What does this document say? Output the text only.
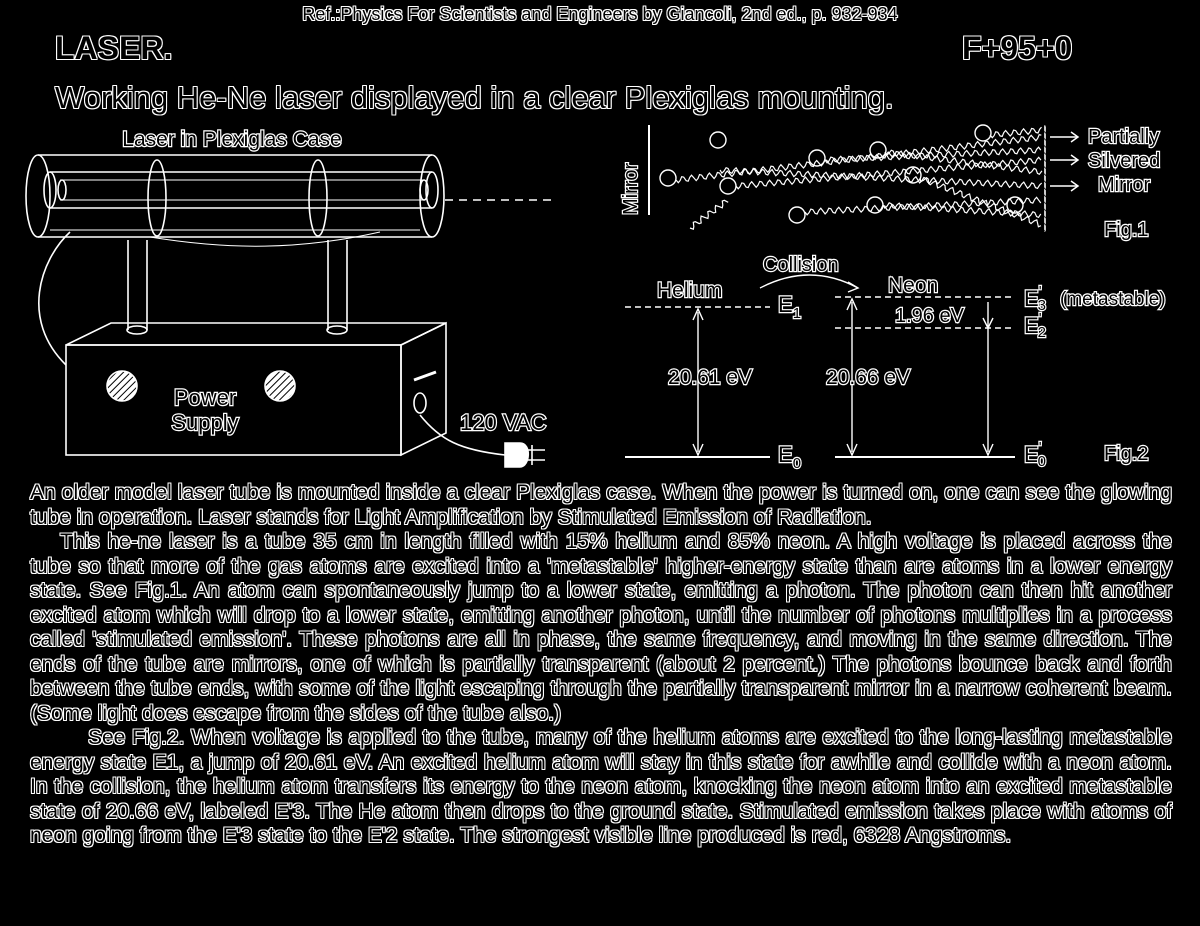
Ref.:Physics For Scientists and Engineers by Giancoli, 2nd ed., p. 932-934
LASER.	F+95+0
Working He-Ne laser displayed in a clear Plexiglas mounting.
Laser in Plexiglas Case
Power
Supply	120 VAC
Mirror
Partially
Silvered
Mirror
Fig.1
Collision
Helium	Neon
$E_1$
E' 3 (metastable)
E' 2
1.96 eV
20.61 eV	20.66 eV
$E_0$	E' 0	Fig.2

An older model laser tube is mounted inside a clear Plexiglas case. When the power is turned on, one can see the glowing tube in operation. Laser stands for Light Amplification by Stimulated Emission of Radiation.

This he-ne laser is a tube 35 cm in length filled with 15% helium and 85% neon. A high voltage is placed across the tube so that more of the gas atoms are excited into a 'metastable' higher-energy state than are atoms in a lower energy state. See Fig.1. An atom can spontaneously jump to a lower state, emitting a photon. The photon can then hit another excited atom which will drop to a lower state, emitting another photon, until the number of photons multiplies in a process called 'stimulated emission'. These photons are all in phase, the same frequency, and moving in the same direction. The ends of the tube are mirrors, one of which is partially transparent (about 2 percent.) The photons bounce back and forth between the tube ends, with some of the light escaping through the partially transparent mirror in a narrow coherent beam. (Some light does escape from the sides of the tube also.)

See Fig.2. When voltage is applied to the tube, many of the helium atoms are excited to the long-lasting metastable energy state E1, a jump of 20.61 eV. An excited helium atom will stay in this state for awhile and collide with a neon atom. In the collision, the helium atom transfers its energy to the neon atom, knocking the neon atom into an excited metastable state of 20.66 eV, labeled E'3. The He atom then drops to the ground state. Stimulated emission takes place with atoms of neon going from the E'3 state to the E'2 state. The strongest visible line produced is red, 6328 Angstroms.
